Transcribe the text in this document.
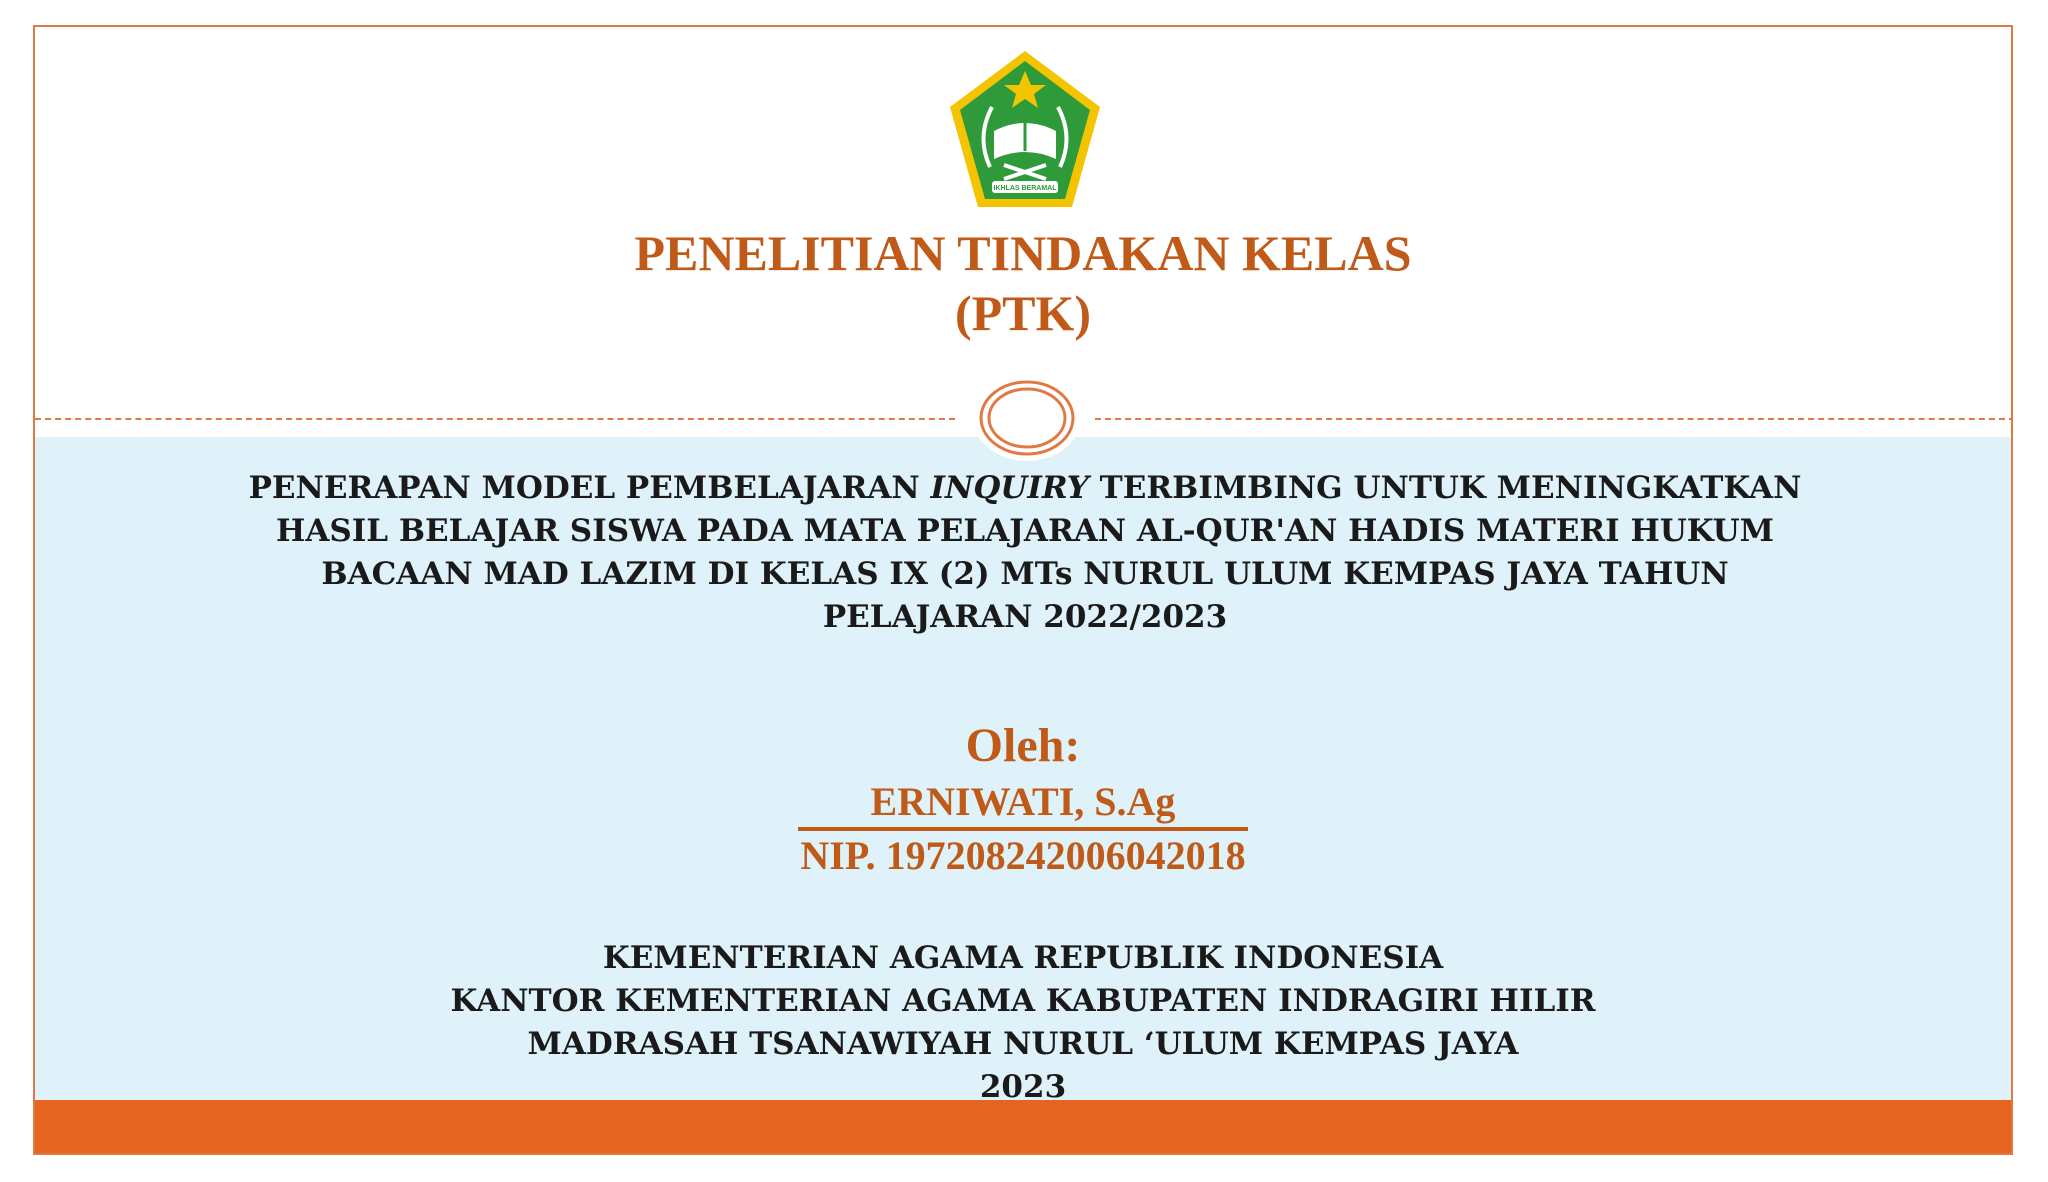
IKHLAS BERAMAL
PENELITIAN TINDAKAN KELAS
(PTK)
PENERAPAN MODEL PEMBELAJARAN INQUIRY TERBIMBING UNTUK MENINGKATKAN
HASIL BELAJAR SISWA PADA MATA PELAJARAN AL-QUR'AN HADIS MATERI HUKUM
BACAAN MAD LAZIM DI KELAS IX (2) MTs NURUL ULUM KEMPAS JAYA TAHUN
PELAJARAN 2022/2023
Oleh:
ERNIWATI, S.Ag
NIP. 197208242006042018
KEMENTERIAN AGAMA REPUBLIK INDONESIA
KANTOR KEMENTERIAN AGAMA KABUPATEN INDRAGIRI HILIR
MADRASAH TSANAWIYAH NURUL ‘ULUM KEMPAS JAYA
2023
